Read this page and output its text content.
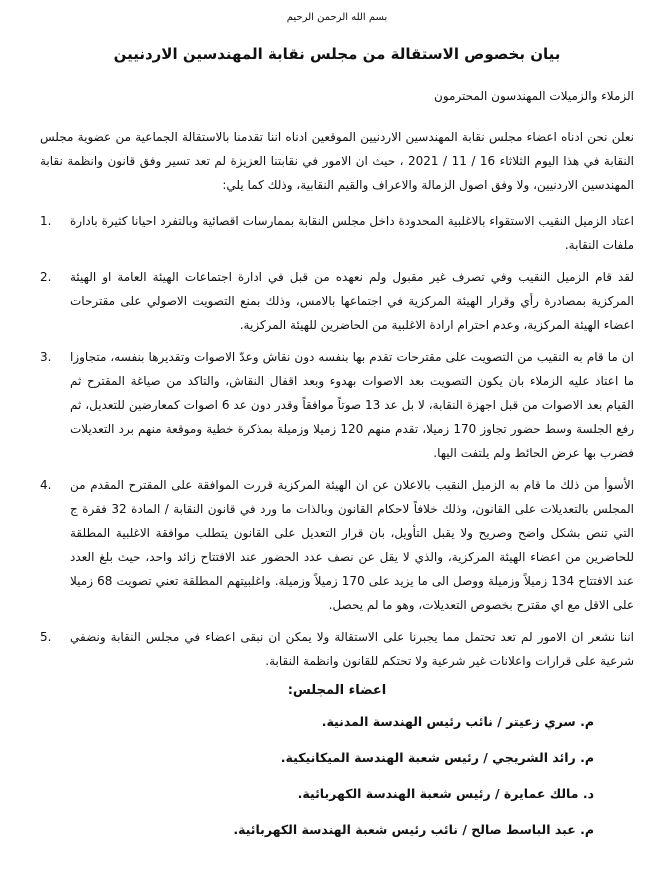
بسم الله الرحمن الرحيم

بيان بخصوص الاستقالة من مجلس نقابة المهندسين الاردنيين

الزملاء والزميلات المهندسون المحترمون

نعلن نحن ادناه اعضاء مجلس نقابة المهندسين الاردنيين الموقعين ادناه اننا تقدمنا بالاستقالة الجماعية من عضوية مجلس النقابة في هذا اليوم الثلاثاء 16 / 11 / 2021 ، حيث ان الامور في نقابتنا العزيزة لم تعد تسير وفق قانون وانظمة نقابة المهندسين الاردنيين، ولا وفق اصول الزمالة والاعراف والقيم النقابية، وذلك كما يلي:

1.	اعتاد الزميل النقيب الاستقواء بالاغلبية المحدودة داخل مجلس النقابة بممارسات اقصائية وبالتفرد احيانا كثيرة بادارة ملفات النقابة.
2.	لقد قام الزميل النقيب وفي تصرف غير مقبول ولم نعهده من قبل في ادارة اجتماعات الهيئة العامة او الهيئة المركزية بمصادرة رأي وقرار الهيئة المركزية في اجتماعها بالامس، وذلك بمنع التصويت الاصولي على مقترحات اعضاء الهيئة المركزية، وعدم احترام ارادة الاغلبية من الحاضرين للهيئة المركزية.
3.	ان ما قام به النقيب من التصويت على مقترحات تقدم بها بنفسه دون نقاش وعدّ الاصوات وتقديرها بنفسه، متجاوزا ما اعتاد عليه الزملاء بان يكون التصويت بعد الاصوات بهدوء وبعد اقفال النقاش، والتاكد من صياغة المقترح ثم القيام بعد الاصوات من قبل اجهزة النقابة، لا بل عد 13 صوتاً موافقاً وقدر دون عد 6 اصوات كمعارضين للتعديل، ثم رفع الجلسة وسط حضور تجاوز 170 زميلا، تقدم منهم 120 زميلا وزميلة بمذكرة خطية وموقعة منهم برد التعديلات فضرب بها عرض الحائط ولم يلتفت اليها.
4.	الأسوأ من ذلك ما قام به الزميل النقيب بالاعلان عن ان الهيئة المركزية قررت الموافقة على المقترح المقدم من المجلس بالتعديلات على القانون، وذلك خلافاً لاحكام القانون وبالذات ما ورد في قانون النقابة / المادة 32 فقرة ج التي تنص بشكل واضح وصريح ولا يقبل التأويل، بان قرار التعديل على القانون يتطلب موافقة الاغلبية المطلقة للحاضرين من اعضاء الهيئة المركزية، والذي لا يقل عن نصف عدد الحضور عند الافتتاح زائد واحد، حيث بلغ العدد عند الافتتاح 134 زميلاً وزميلة ووصل الى ما يزيد على 170 زميلاً وزميلة. واغلبيتهم المطلقة تعني تصويت 68 زميلا على الاقل مع اي مقترح بخصوص التعديلات، وهو ما لم يحصل.
5.	اننا نشعر ان الامور لم تعد تحتمل مما يجبرنا على الاستقالة ولا يمكن ان نبقى اعضاء في مجلس النقابة ونضفي شرعية على قرارات واعلانات غير شرعية ولا تحتكم للقانون وانظمة النقابة.
اعضاء المجلس:
م. سري زعيتر / نائب رئيس الهندسة المدنية.
م. رائد الشريجي / رئيس شعبة الهندسة الميكانيكية.
د. مالك عمايرة / رئيس شعبة الهندسة الكهربائية.
م. عبد الباسط صالح / نائب رئيس شعبة الهندسة الكهربائية.
